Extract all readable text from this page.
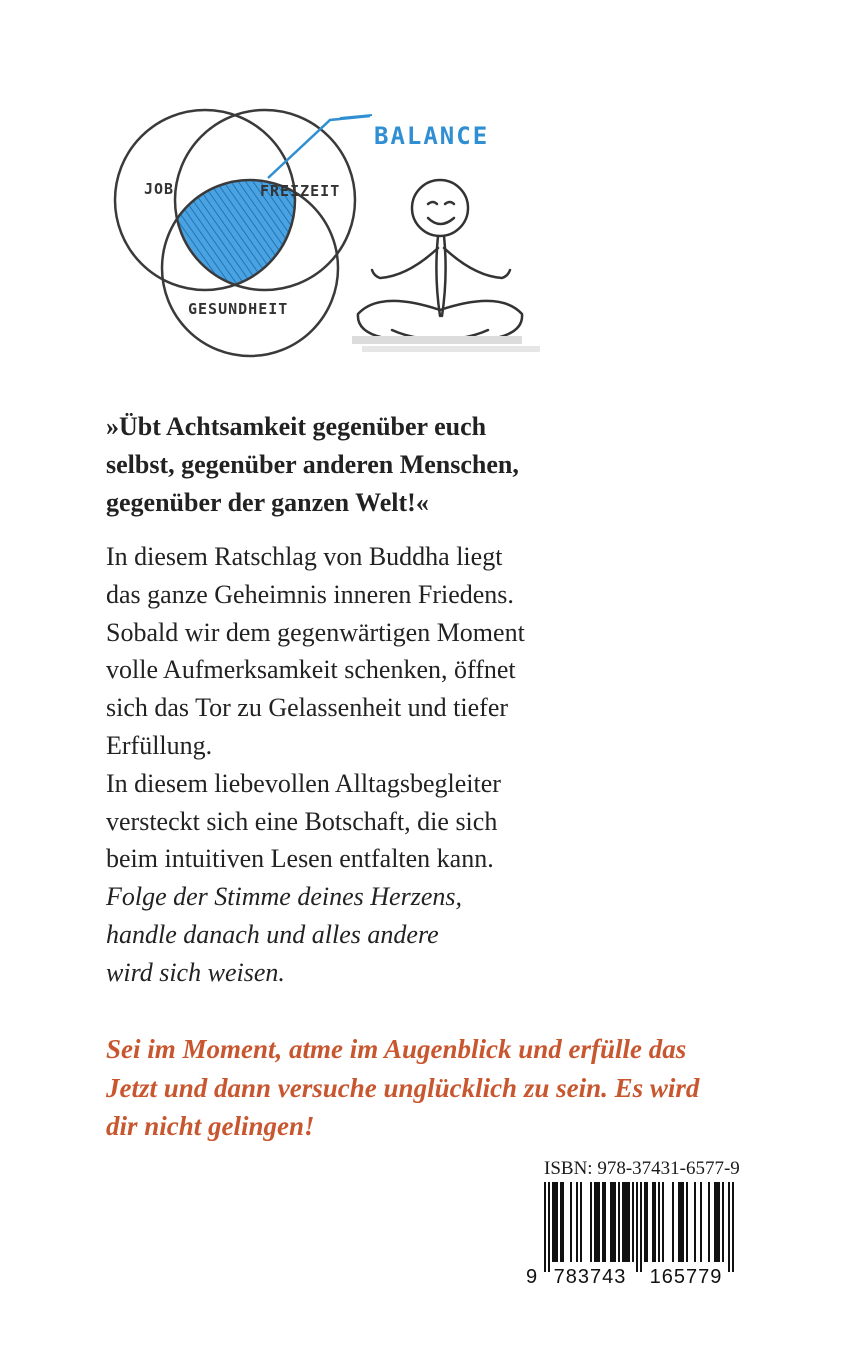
JOB	FREIZEIT
GESUNDHEIT
BALANCE
»Übt Achtsamkeit gegenüber euch
selbst, gegenüber anderen Menschen,
gegenüber der ganzen Welt!«
In diesem Ratschlag von Buddha liegt
das ganze Geheimnis inneren Friedens.
Sobald wir dem gegenwärtigen Moment
volle Aufmerksamkeit schenken, öffnet
sich das Tor zu Gelassenheit und tiefer
Erfüllung.
In diesem liebevollen Alltagsbegleiter
versteckt sich eine Botschaft, die sich
beim intuitiven Lesen entfalten kann.
Folge der Stimme deines Herzens,
handle danach und alles andere
wird sich weisen.
Sei im Moment, atme im Augenblick und erfülle das
Jetzt und dann versuche unglücklich zu sein. Es wird
dir nicht gelingen!
ISBN: 978-37431-6577-9
9 783743 165779
